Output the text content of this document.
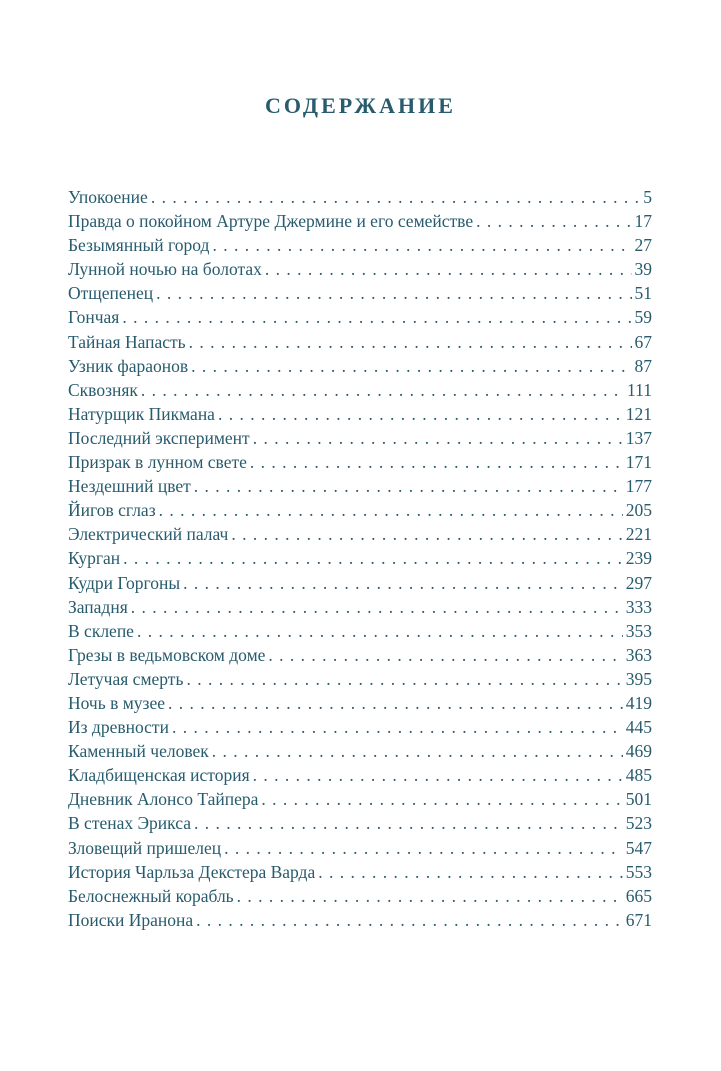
СОДЕРЖАНИЕ
Упокоение . . .	5
Правда о покойном Артуре Джермине и его семействе . . .	17
Безымянный город . . .	27
Лунной ночью на болотах . . .	39
Отщепенец . . .	51
Гончая . . .	59
Тайная Напасть . . .	67
Узник фараонов . . .	87
Сквозняк . . .	111
Натурщик Пикмана . . .	121
Последний эксперимент . . .	137
Призрак в лунном свете . . .	171
Нездешний цвет . . .	177
Йигов сглаз . . .	205
Электрический палач . . .	221
Курган . . .	239
Кудри Горгоны . . .	297
Западня . . .	333
В склепе . . .	353
Грезы в ведьмовском доме . . .	363
Летучая смерть . . .	395
Ночь в музее . . .	419
Из древности . . .	445
Каменный человек . . .	469
Кладбищенская история . . .	485
Дневник Алонсо Тайпера . . .	501
В стенах Эрикса . . .	523
Зловещий пришелец . . .	547
История Чарльза Декстера Варда . . .	553
Белоснежный корабль . . .	665
Поиски Иранона . . .	671
